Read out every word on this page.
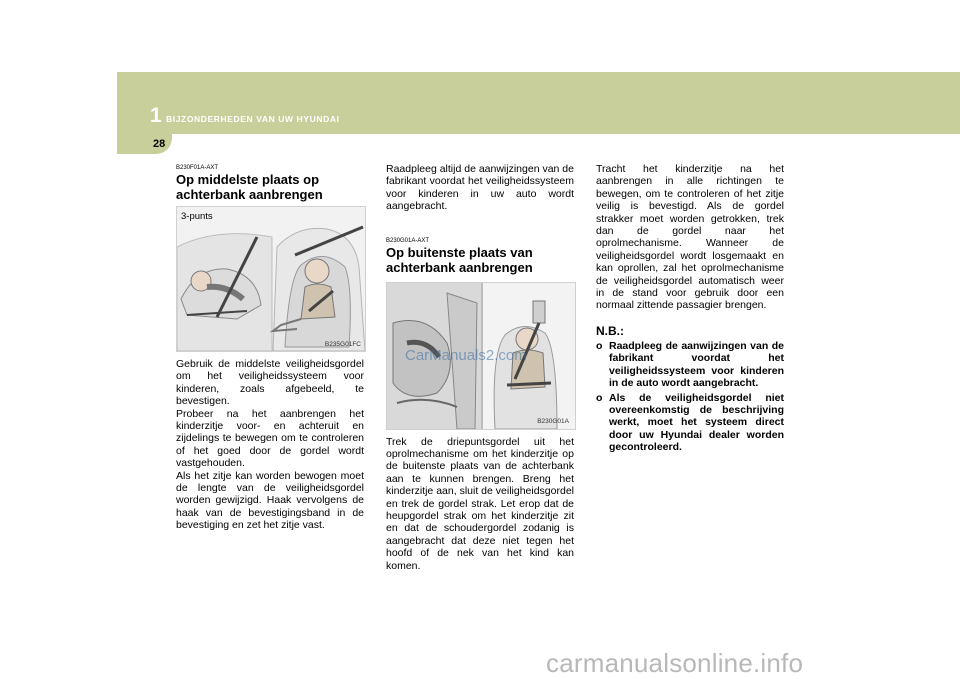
1 BIJZONDERHEDEN VAN UW HYUNDAI
28

B230F01A-AXT

Op middelste plaats op achterbank aanbrengen

3-punts
B235G01FC

Gebruik de middelste veiligheidsgordel om het veiligheidssysteem voor kinderen, zoals afgebeeld, te bevestigen.
Probeer na het aanbrengen het kinderzitje voor- en achteruit en zijdelings te bewegen om te controleren of het goed door de gordel wordt vastgehouden.
Als het zitje kan worden bewogen moet de lengte van de veiligheidsgordel worden gewijzigd. Haak vervolgens de haak van de bevestigingsband in de bevestiging en zet het zitje vast.

Raadpleeg altijd de aanwijzingen van de fabrikant voordat het veiligheidssysteem voor kinderen in uw auto wordt aangebracht.

B230G01A-AXT

Op buitenste plaats van achterbank aanbrengen

B230G01A
CarManuals2.com

Trek de driepuntsgordel uit het oprolmechanisme om het kinderzitje op de buitenste plaats van de achterbank aan te kunnen brengen. Breng het kinderzitje aan, sluit de veiligheidsgordel en trek de gordel strak. Let erop dat de heupgordel strak om het kinderzitje zit en dat de schoudergordel zodanig is aangebracht dat deze niet tegen het hoofd of de nek van het kind kan komen.

Tracht het kinderzitje na het aanbrengen in alle richtingen te bewegen, om te controleren of het zitje veilig is bevestigd. Als de gordel strakker moet worden getrokken, trek dan de gordel naar het oprolmechanisme. Wanneer de veiligheidsgordel wordt losgemaakt en kan oprollen, zal het oprolmechanisme de veiligheidsgordel automatisch weer in de stand voor gebruik door een normaal zittende passagier brengen.

N.B.:

o Raadpleeg de aanwijzingen van de fabrikant voordat het veiligheidssysteem voor kinderen in de auto wordt aangebracht.
o Als de veiligheidsgordel niet overeenkomstig de beschrijving werkt, moet het systeem direct door uw Hyundai dealer worden gecontroleerd.
carmanualsonline.info
